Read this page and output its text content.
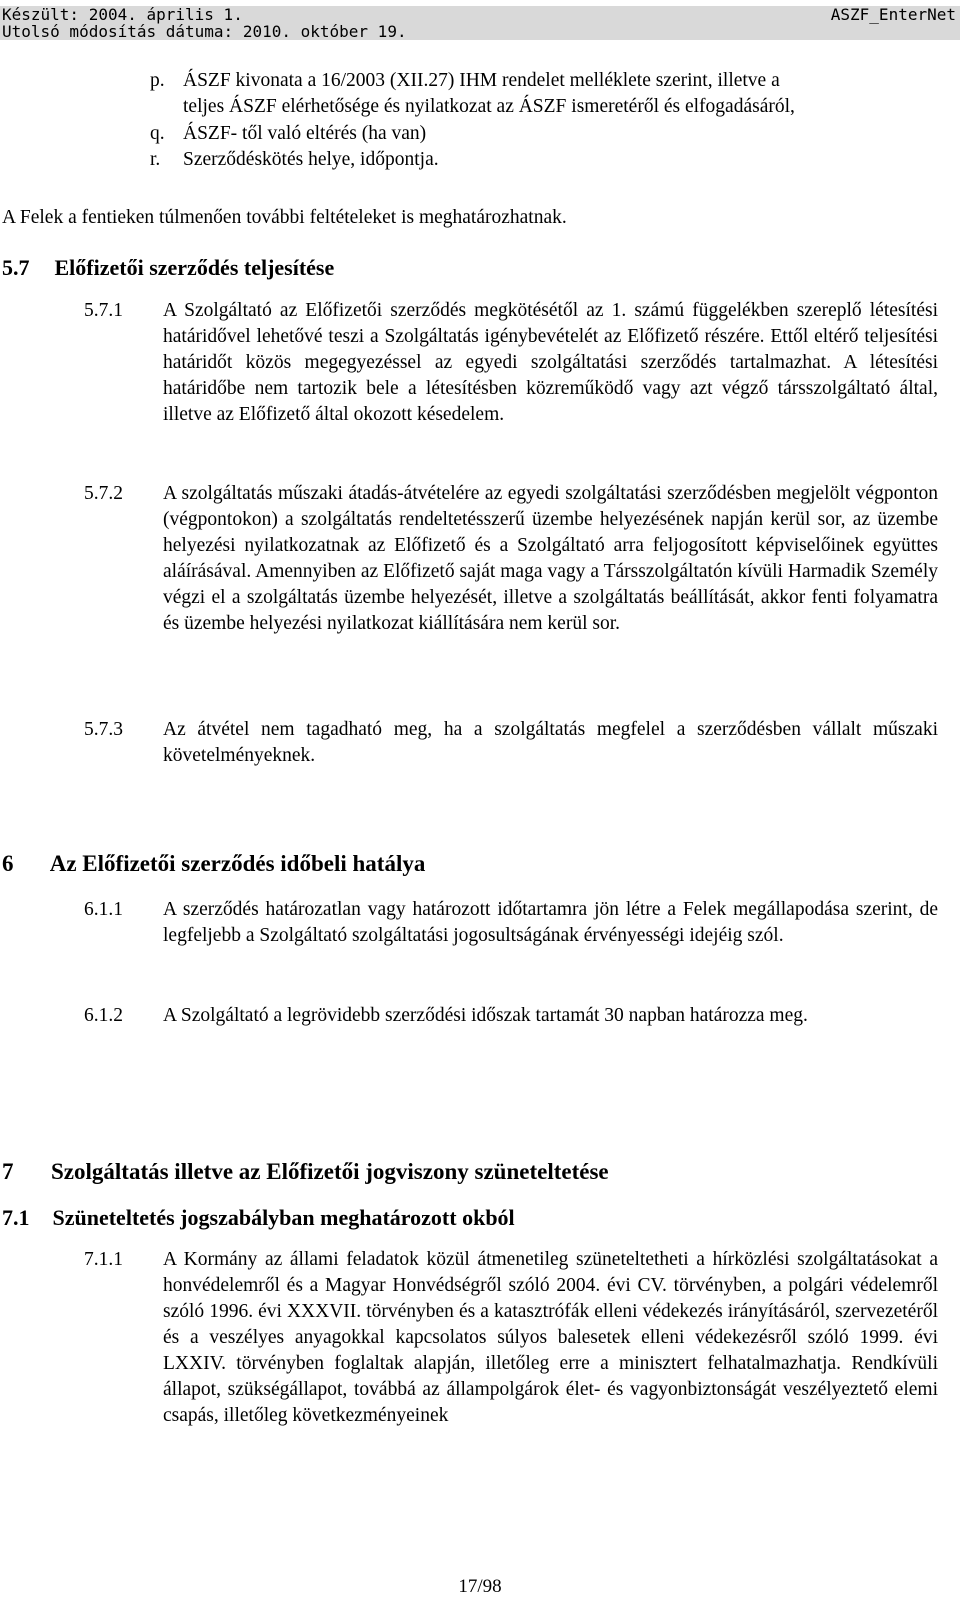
Készült: 2004. április 1.
Utolsó módosítás dátuma: 2010. október 19.
ASZF_EnterNet
p. ÁSZF kivonata a 16/2003 (XII.27) IHM rendelet melléklete szerint, illetve a
teljes ÁSZF elérhetősége és nyilatkozat az ÁSZF ismeretéről és elfogadásáról,
q. ÁSZF- től való eltérés (ha van)
r. Szerződéskötés helye, időpontja.
A Felek a fentieken túlmenően további feltételeket is meghatározhatnak.
5.7 Előfizetői szerződés teljesítése
5.7.1 A Szolgáltató az Előfizetői szerződés megkötésétől az 1. számú függelékben szereplő létesítési határidővel lehetővé teszi a Szolgáltatás igénybevételét az Előfizető részére. Ettől eltérő teljesítési határidőt közös megegyezéssel az egyedi szolgáltatási szerződés tartalmazhat. A létesítési határidőbe nem tartozik bele a létesítésben közreműködő vagy azt végző társszolgáltató által, illetve az Előfizető által okozott késedelem.
5.7.2 A szolgáltatás műszaki átadás-átvételére az egyedi szolgáltatási szerződésben megjelölt végponton (végpontokon) a szolgáltatás rendeltetésszerű üzembe helyezésének napján kerül sor, az üzembe helyezési nyilatkozatnak az Előfizető és a Szolgáltató arra feljogosított képviselőinek együttes aláírásával. Amennyiben az Előfizető saját maga vagy a Társszolgáltatón kívüli Harmadik Személy végzi el a szolgáltatás üzembe helyezését, illetve a szolgáltatás beállítását, akkor fenti folyamatra és üzembe helyezési nyilatkozat kiállítására nem kerül sor.
5.7.3 Az átvétel nem tagadható meg, ha a szolgáltatás megfelel a szerződésben vállalt műszaki követelményeknek.
6 Az Előfizetői szerződés időbeli hatálya
6.1.1 A szerződés határozatlan vagy határozott időtartamra jön létre a Felek megállapodása szerint, de legfeljebb a Szolgáltató szolgáltatási jogosultságának érvényességi idejéig szól.
6.1.2 A Szolgáltató a legrövidebb szerződési időszak tartamát 30 napban határozza meg.
7 Szolgáltatás illetve az Előfizetői jogviszony szüneteltetése
7.1 Szüneteltetés jogszabályban meghatározott okból
7.1.1 A Kormány az állami feladatok közül átmenetileg szüneteltetheti a hírközlési szolgáltatásokat a honvédelemről és a Magyar Honvédségről szóló 2004. évi CV. törvényben, a polgári védelemről szóló 1996. évi XXXVII. törvényben és a katasztrófák elleni védekezés irányításáról, szervezetéről és a veszélyes anyagokkal kapcsolatos súlyos balesetek elleni védekezésről szóló 1999. évi LXXIV. törvényben foglaltak alapján, illetőleg erre a minisztert felhatalmazhatja. Rendkívüli állapot, szükségállapot, továbbá az állampolgárok élet- és vagyonbiztonságát veszélyeztető elemi csapás, illetőleg következményeinek
17/98
